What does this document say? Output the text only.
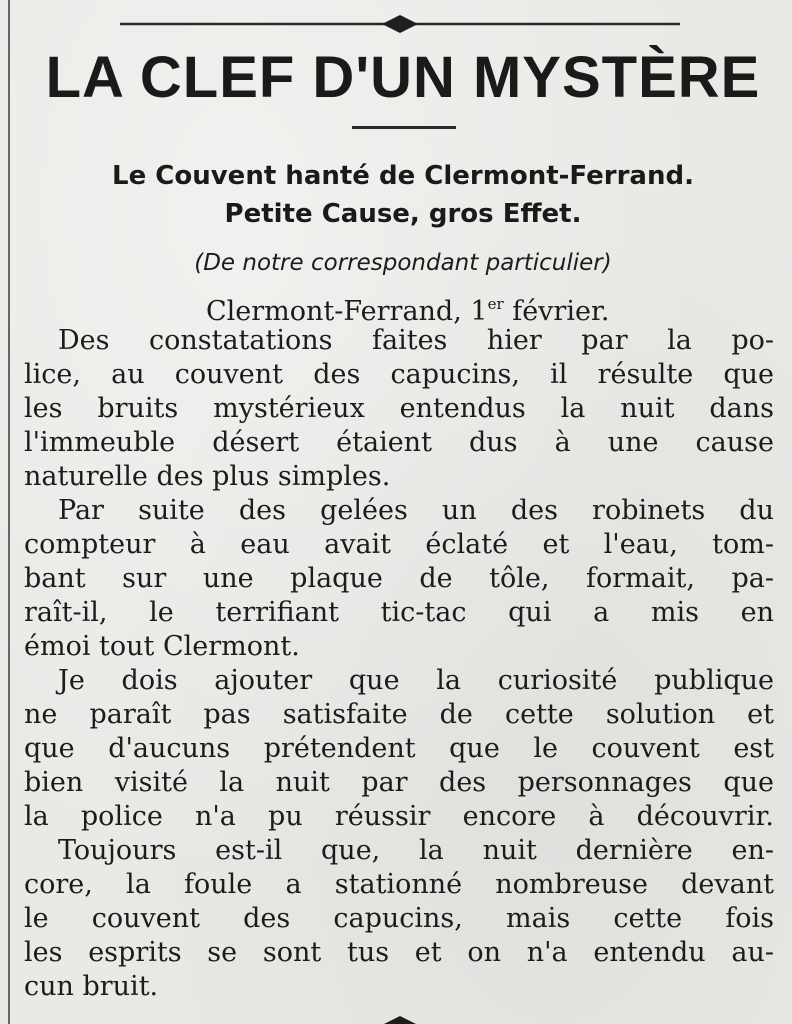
LA CLEF D'UN MYSTÈRE
Le Couvent hanté de Clermont-Ferrand.
Petite Cause, gros Effet.
(De notre correspondant particulier)
Clermont-Ferrand, 1er février.
Des constatations faites hier par la po-
lice, au couvent des capucins, il résulte que
les bruits mystérieux entendus la nuit dans
l'immeuble désert étaient dus à une cause
naturelle des plus simples.
Par suite des gelées un des robinets du
compteur à eau avait éclaté et l'eau, tom-
bant sur une plaque de tôle, formait, pa-
raît-il, le terrifiant tic-tac qui a mis en
émoi tout Clermont.
Je dois ajouter que la curiosité publique
ne paraît pas satisfaite de cette solution et
que d'aucuns prétendent que le couvent est
bien visité la nuit par des personnages que
la police n'a pu réussir encore à découvrir.
Toujours est-il que, la nuit dernière en-
core, la foule a stationné nombreuse devant
le couvent des capucins, mais cette fois
les esprits se sont tus et on n'a entendu au-
cun bruit.
